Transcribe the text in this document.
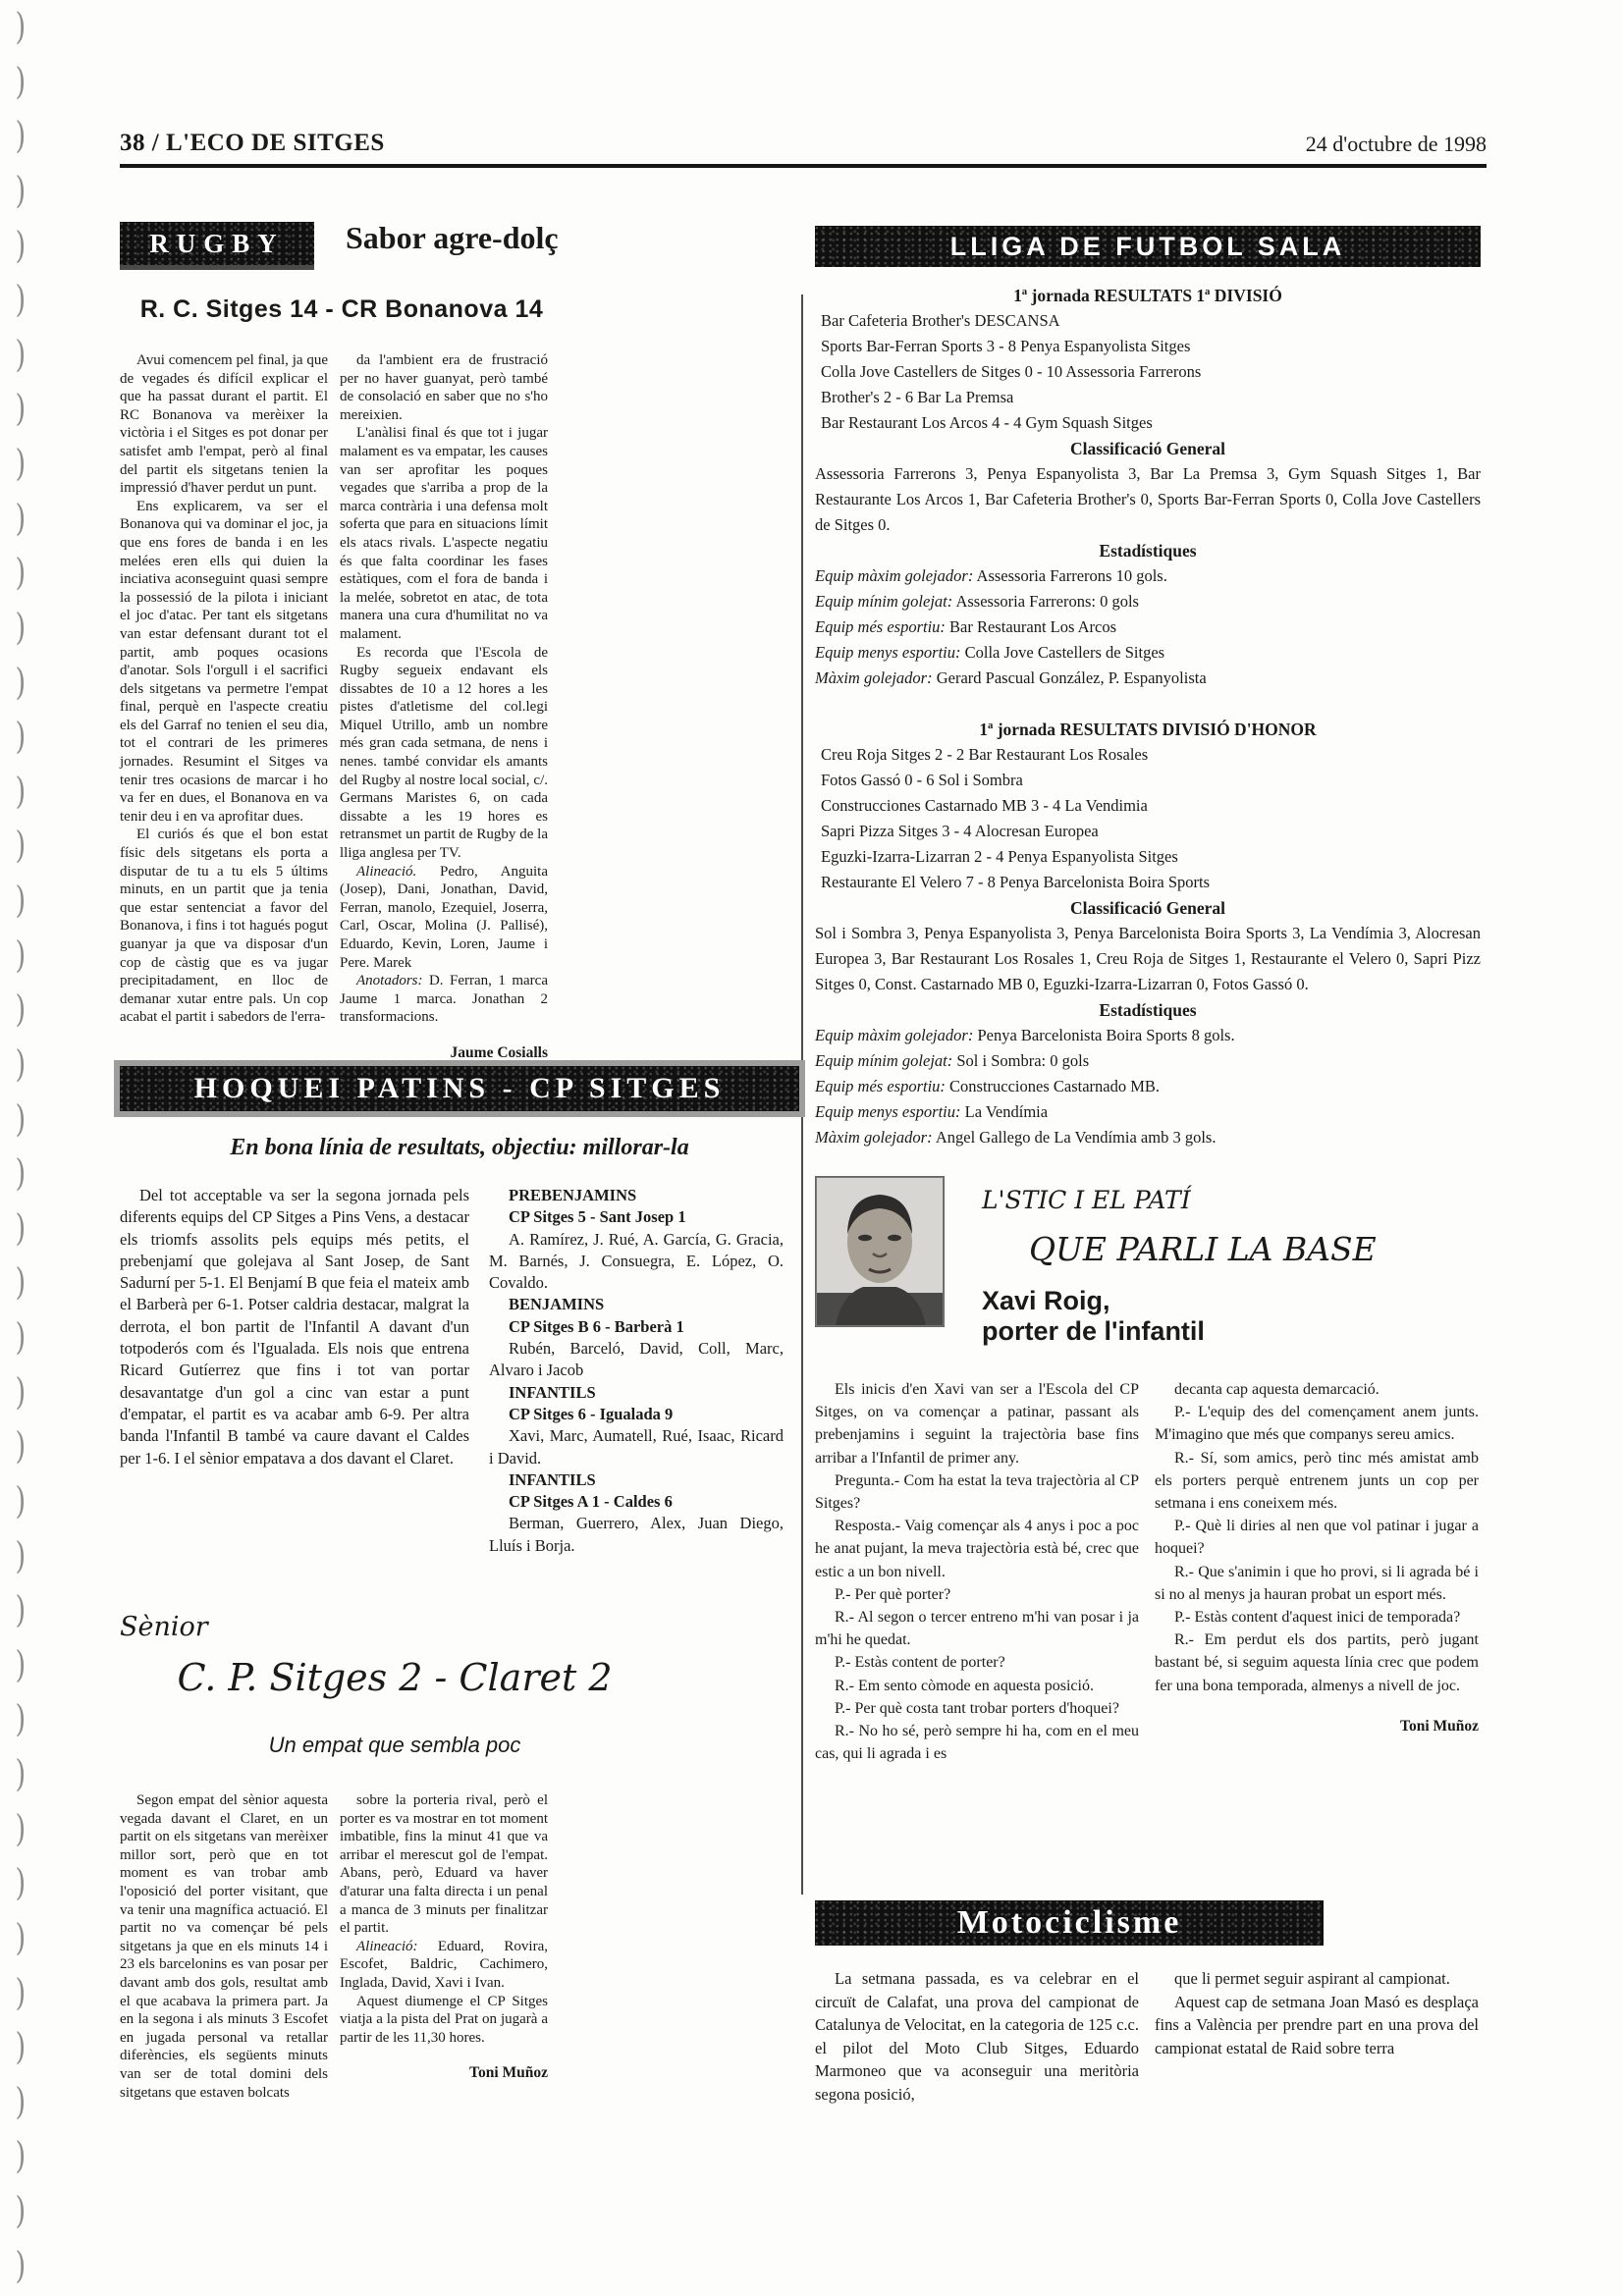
)
)
)
)
)
)
)
)
)
)
)
)
)
)
)
)
)
)
)
)
)
)
)
)
)
)
)
)
)
)
)
)
)
)
)
)
)
)
)
)
)
)
38 / L'ECO DE SITGES	24 d'octubre de 1998
RUGBY	Sabor agre-dolç
R. C. Sitges 14 - CR Bonanova 14

Avui comencem pel final, ja que de vegades és difícil explicar el que ha passat durant el partit. El RC Bonanova va merèixer la victòria i el Sitges es pot donar per satisfet amb l'empat, però al final del partit els sitgetans tenien la impressió d'haver perdut un punt.

Ens explicarem, va ser el Bonanova qui va dominar el joc, ja que ens fores de banda i en les melées eren ells qui duien la inciativa aconseguint quasi sempre la possessió de la pilota i iniciant el joc d'atac. Per tant els sitgetans van estar defensant durant tot el partit, amb poques ocasions d'anotar. Sols l'orgull i el sacrifici dels sitgetans va permetre l'empat final, perquè en l'aspecte creatiu els del Garraf no tenien el seu dia, tot el contrari de les primeres jornades. Resumint el Sitges va tenir tres ocasions de marcar i ho va fer en dues, el Bonanova en va tenir deu i en va aprofitar dues.

El curiós és que el bon estat físic dels sitgetans els porta a disputar de tu a tu els 5 últims minuts, en un partit que ja tenia que estar sentenciat a favor del Bonanova, i fins i tot hagués pogut guanyar ja que va disposar d'un cop de càstig que es va jugar precipitadament, en lloc de demanar xutar entre pals. Un cop acabat el partit i sabedors de l'erra-

da l'ambient era de frustració per no haver guanyat, però també de consolació en saber que no s'ho mereixien.

L'anàlisi final és que tot i jugar malament es va empatar, les causes van ser aprofitar les poques vegades que s'arriba a prop de la marca contrària i una defensa molt soferta que para en situacions límit els atacs rivals. L'aspecte negatiu és que falta coordinar les fases estàtiques, com el fora de banda i la melée, sobretot en atac, de tota manera una cura d'humilitat no va malament.

Es recorda que l'Escola de Rugby segueix endavant els dissabtes de 10 a 12 hores a les pistes d'atletisme del col.legi Miquel Utrillo, amb un nombre més gran cada setmana, de nens i nenes. també convidar els amants del Rugby al nostre local social, c/. Germans Maristes 6, on cada dissabte a les 19 hores es retransmet un partit de Rugby de la lliga anglesa per TV.

Alineació. Pedro, Anguita (Josep), Dani, Jonathan, David, Ferran, manolo, Ezequiel, Joserra, Carl, Oscar, Molina (J. Pallisé), Eduardo, Kevin, Loren, Jaume i Pere. Marek

Anotadors: D. Ferran, 1 marca Jaume 1 marca. Jonathan 2 transformacions.

Jaume Cosialls

HOQUEI PATINS - CP SITGES
En bona línia de resultats, objectiu: millorar-la

Del tot acceptable va ser la segona jornada pels diferents equips del CP Sitges a Pins Vens, a destacar els triomfs assolits pels equips més petits, el prebenjamí que golejava al Sant Josep, de Sant Sadurní per 5-1. El Benjamí B que feia el mateix amb el Barberà per 6-1. Potser caldria destacar, malgrat la derrota, el bon partit de l'Infantil A davant d'un totpoderós com és l'Igualada. Els nois que entrena Ricard Gutíerrez que fins i tot van portar desavantatge d'un gol a cinc van estar a punt d'empatar, el partit es va acabar amb 6-9. Per altra banda l'Infantil B també va caure davant el Caldes per 1-6. I el sènior empatava a dos davant el Claret.

PREBENJAMINS

CP Sitges 5 - Sant Josep 1

A. Ramírez, J. Rué, A. García, G. Gracia, M. Barnés, J. Consuegra, E. López, O. Covaldo.

BENJAMINS

CP Sitges B 6 - Barberà 1

Rubén, Barceló, David, Coll, Marc, Alvaro i Jacob

INFANTILS

CP Sitges 6 - Igualada 9

Xavi, Marc, Aumatell, Rué, Isaac, Ricard i David.

INFANTILS

CP Sitges A 1 - Caldes 6

Berman, Guerrero, Alex, Juan Diego, Lluís i Borja.

Sènior
C. P. Sitges 2 - Claret 2
Un empat que sembla poc

Segon empat del sènior aquesta vegada davant el Claret, en un partit on els sitgetans van merèixer millor sort, però que en tot moment es van trobar amb l'oposició del porter visitant, que va tenir una magnífica actuació. El partit no va començar bé pels sitgetans ja que en els minuts 14 i 23 els barcelonins es van posar per davant amb dos gols, resultat amb el que acabava la primera part. Ja en la segona i als minuts 3 Escofet en jugada personal va retallar diferències, els següents minuts van ser de total domini dels sitgetans que estaven bolcats

sobre la porteria rival, però el porter es va mostrar en tot moment imbatible, fins la minut 41 que va arribar el merescut gol de l'empat. Abans, però, Eduard va haver d'aturar una falta directa i un penal a manca de 3 minuts per finalitzar el partit.

Alineació: Eduard, Rovira, Escofet, Baldric, Cachimero, Inglada, David, Xavi i Ivan.

Aquest diumenge el CP Sitges viatja a la pista del Prat on jugarà a partir de les 11,30 hores.

Toni Muñoz

LLIGA DE FUTBOL SALA

1ª jornada RESULTATS 1ª DIVISIÓ

Bar Cafeteria Brother's DESCANSA

Sports Bar-Ferran Sports 3 - 8 Penya Espanyolista Sitges

Colla Jove Castellers de Sitges 0 - 10 Assessoria Farrerons

Brother's 2 - 6 Bar La Premsa

Bar Restaurant Los Arcos 4 - 4 Gym Squash Sitges

Classificació General

Assessoria Farrerons 3, Penya Espanyolista 3, Bar La Premsa 3, Gym Squash Sitges 1, Bar Restaurante Los Arcos 1, Bar Cafeteria Brother's 0, Sports Bar-Ferran Sports 0, Colla Jove Castellers de Sitges 0.

Estadístiques

Equip màxim golejador: Assessoria Farrerons 10 gols.

Equip mínim golejat: Assessoria Farrerons: 0 gols

Equip més esportiu: Bar Restaurant Los Arcos

Equip menys esportiu: Colla Jove Castellers de Sitges

Màxim golejador: Gerard Pascual González, P. Espanyolista

1ª jornada RESULTATS DIVISIÓ D'HONOR

Creu Roja Sitges 2 - 2 Bar Restaurant Los Rosales

Fotos Gassó 0 - 6 Sol i Sombra

Construcciones Castarnado MB 3 - 4 La Vendimia

Sapri Pizza Sitges 3 - 4 Alocresan Europea

Eguzki-Izarra-Lizarran 2 - 4 Penya Espanyolista Sitges

Restaurante El Velero 7 - 8 Penya Barcelonista Boira Sports

Classificació General

Sol i Sombra 3, Penya Espanyolista 3, Penya Barcelonista Boira Sports 3, La Vendímia 3, Alocresan Europea 3, Bar Restaurant Los Rosales 1, Creu Roja de Sitges 1, Restaurante el Velero 0, Sapri Pizz Sitges 0, Const. Castarnado MB 0, Eguzki-Izarra-Lizarran 0, Fotos Gassó 0.

Estadístiques

Equip màxim golejador: Penya Barcelonista Boira Sports 8 gols.

Equip mínim golejat: Sol i Sombra: 0 gols

Equip més esportiu: Construcciones Castarnado MB.

Equip menys esportiu: La Vendímia

Màxim golejador: Angel Gallego de La Vendímia amb 3 gols.

L'STIC I EL PATÍ
QUE PARLI LA BASE
Xavi Roig,
porter de l'infantil

Els inicis d'en Xavi van ser a l'Escola del CP Sitges, on va començar a patinar, passant als prebenjamins i seguint la trajectòria base fins arribar a l'Infantil de primer any.

Pregunta.- Com ha estat la teva trajectòria al CP Sitges?

Resposta.- Vaig començar als 4 anys i poc a poc he anat pujant, la meva trajectòria està bé, crec que estic a un bon nivell.

P.- Per què porter?

R.- Al segon o tercer entreno m'hi van posar i ja m'hi he quedat.

P.- Estàs content de porter?

R.- Em sento còmode en aquesta posició.

P.- Per què costa tant trobar porters d'hoquei?

R.- No ho sé, però sempre hi ha, com en el meu cas, qui li agrada i es

decanta cap aquesta demarcació.

P.- L'equip des del començament anem junts. M'imagino que més que companys sereu amics.

R.- Sí, som amics, però tinc més amistat amb els porters perquè entrenem junts un cop per setmana i ens coneixem més.

P.- Què li diries al nen que vol patinar i jugar a hoquei?

R.- Que s'animin i que ho provi, si li agrada bé i si no al menys ja hauran probat un esport més.

P.- Estàs content d'aquest inici de temporada?

R.- Em perdut els dos partits, però jugant bastant bé, si seguim aquesta línia crec que podem fer una bona temporada, almenys a nivell de joc.

Toni Muñoz

Motociclisme

La setmana passada, es va celebrar en el circuït de Calafat, una prova del campionat de Catalunya de Velocitat, en la categoria de 125 c.c. el pilot del Moto Club Sitges, Eduardo Marmoneo que va aconseguir una meritòria segona posició,

que li permet seguir aspirant al campionat.

Aquest cap de setmana Joan Masó es desplaça fins a València per prendre part en una prova del campionat estatal de Raid sobre terra
